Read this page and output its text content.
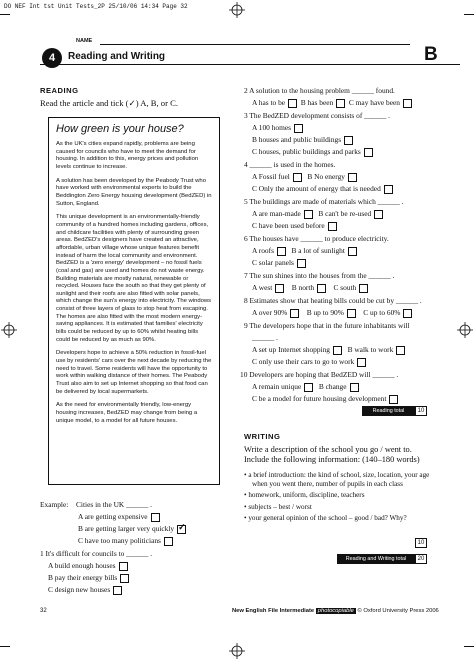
DO NEF Int tst Unit Tests_2P 25/10/06 14:34 Page 32
NAME
4	Reading and Writing	B
READING
Read the article and tick (✓) A, B, or C.
How green is your house?

As the UK's cities expand rapidly, problems are being caused for councils who have to meet the demand for housing. In addition to this, energy prices and pollution levels continue to increase.

A solution has been developed by the Peabody Trust who have worked with environmental experts to build the Beddington Zero Energy housing development (BedZED) in Sutton, England.

This unique development is an environmentally-friendly community of a hundred homes including gardens, offices, and childcare facilities with plenty of surrounding green areas. BedZED's designers have created an attractive, affordable, urban village whose unique features benefit instead of harm the local community and environment. BedZED is a 'zero energy' development – no fossil fuels (coal and gas) are used and homes do not waste energy. Building materials are mostly natural, renewable or recycled. Houses face the south so that they get plenty of sunlight and their roofs are also fitted with solar panels, which change the sun's energy into electricity. The windows consist of three layers of glass to stop heat from escaping. The homes are also fitted with the most modern energy-saving appliances. It is estimated that families' electricity bills could be reduced by up to 60% whilst heating bills could be reduced by as much as 90%.

Developers hope to achieve a 50% reduction in fossil-fuel use by residents' cars over the next decade by reducing the need to travel. Some residents will have the opportunity to work within walking distance of their homes. The Peabody Trust also aim to set up Internet shopping so that food can be delivered by local supermarkets.

As the need for environmentally friendly, low-energy housing increases, BedZED may change from being a unique model, to a model for all future houses.

Example: Cities in the UK ______ .
A are getting expensive
B are getting larger very quickly ✓
C have too many politicians
1 It's difficult for councils to ______ .
A build enough houses
B pay their energy bills
C design new houses
2 A solution to the housing problem ______ found.
A has to be B has been C may have been
3 The BedZED development consists of ______ .
A 100 homes
B houses and public buildings
C houses, public buildings and parks
4 ______ is used in the homes.
A Fossil fuel B No energy
C Only the amount of energy that is needed
5 The buildings are made of materials which ______ .
A are man-made B can't be re-used
C have been used before
6 The houses have ______ to produce electricity.
A roofs B a lot of sunlight
C solar panels
7 The sun shines into the houses from the ______ .
A west	B north	C south
8 Estimates show that heating bills could be cut by ______ .
A over 90%	B up to 90%	C up to 60%
9 The developers hope that in the future inhabitants will
______ .
A set up Internet shopping B walk to work
C only use their cars to go to work
10 Developers are hoping that BedZED will ______ .
A remain unique B change
C be a model for future housing development
Reading total	10
WRITING
Write a description of the school you go / went to. Include the following information: (140–180 words)
• a brief introduction: the kind of school, size, location, your age when you went there, number of pupils in each class
• homework, uniform, discipline, teachers
• subjects – best / worst
• your general opinion of the school – good / bad? Why?
10
Reading and Writing total	20
32	New English File Intermediate photocopiable © Oxford University Press 2006
